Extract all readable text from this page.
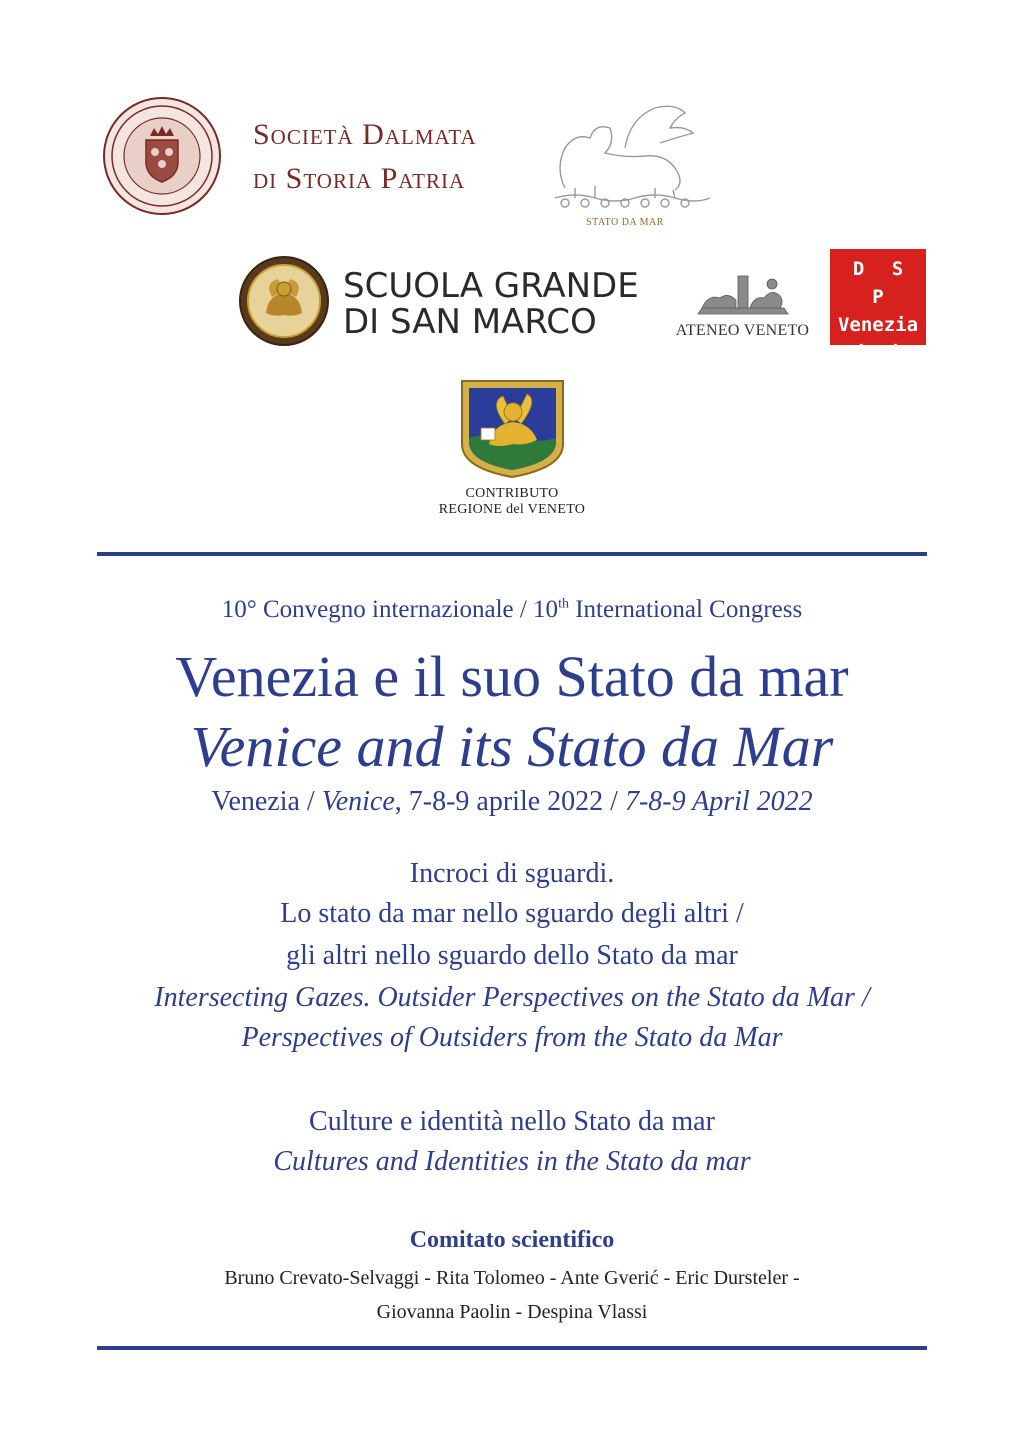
Società Dalmata
di Storia Patria
STATO DA MAR
SCUOLA GRANDE
DI SAN MARCO	ATENEO VENETO
D S P
Venezia
Giulia
CONTRIBUTO
REGIONE del VENETO
10° Convegno internazionale / 10th International Congress
Venezia e il suo Stato da mar
Venice and its Stato da Mar
Venezia / Venice, 7-8-9 aprile 2022 / 7-8-9 April 2022
Incroci di sguardi.
Lo stato da mar nello sguardo degli altri /
gli altri nello sguardo dello Stato da mar
Intersecting Gazes. Outsider Perspectives on the Stato da Mar /
Perspectives of Outsiders from the Stato da Mar
Culture e identità nello Stato da mar
Cultures and Identities in the Stato da mar
Comitato scientifico
Bruno Crevato-Selvaggi - Rita Tolomeo - Ante Gverić - Eric Dursteler -
Giovanna Paolin - Despina Vlassi
